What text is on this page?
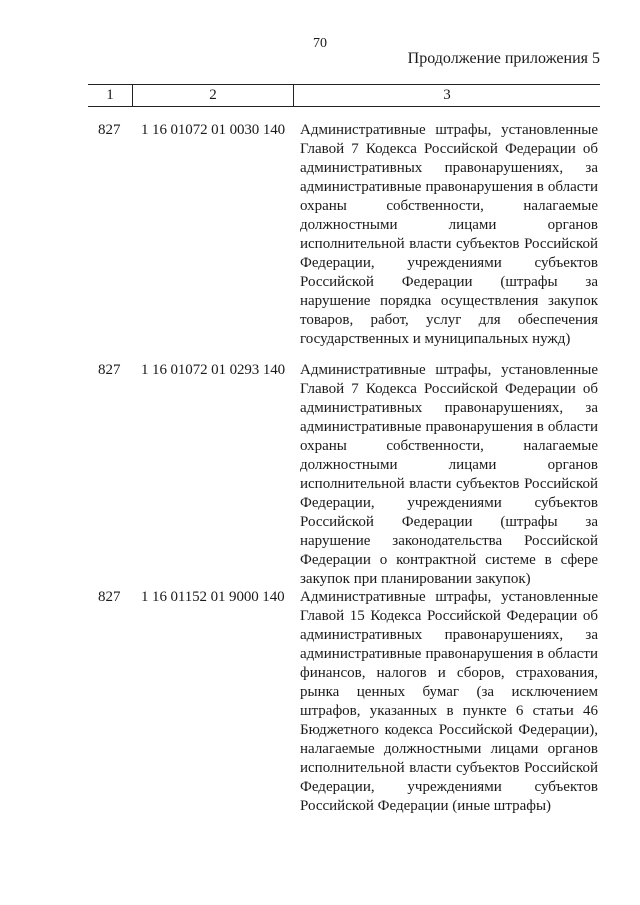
70
Продолжение приложения 5
1	2	3
827 1 16 01072 01 0030 140 Административные штрафы, установленные Главой 7 Кодекса Российской Федерации об административных правонарушениях, за административные правонарушения в области охраны собственности, налагаемые должностными лицами органов исполнительной власти субъектов Российской Федерации, учреждениями субъектов Российской Федерации (штрафы за нарушение порядка осуществления закупок товаров, работ, услуг для обеспечения государственных и муниципальных нужд)
827 1 16 01072 01 0293 140 Административные штрафы, установленные Главой 7 Кодекса Российской Федерации об административных правонарушениях, за административные правонарушения в области охраны собственности, налагаемые должностными лицами органов исполнительной власти субъектов Российской Федерации, учреждениями субъектов Российской Федерации (штрафы за нарушение законодательства Российской Федерации о контрактной системе в сфере закупок при планировании закупок)
827 1 16 01152 01 9000 140 Административные штрафы, установленные Главой 15 Кодекса Российской Федерации об административных правонарушениях, за административные правонарушения в области финансов, налогов и сборов, страхования, рынка ценных бумаг (за исключением штрафов, указанных в пункте 6 статьи 46 Бюджетного кодекса Российской Федерации), налагаемые должностными лицами органов исполнительной власти субъектов Российской Федерации, учреждениями субъектов Российской Федерации (иные штрафы)
